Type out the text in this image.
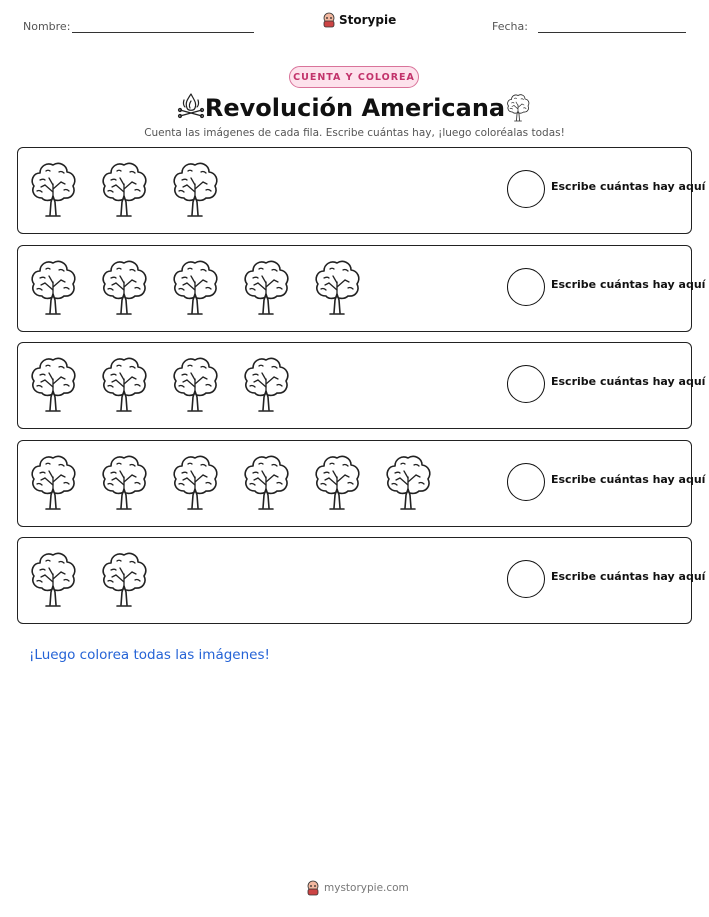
Nombre:	Storypie	Fecha:
CUENTA Y COLOREA
Revolución Americana
Cuenta las imágenes de cada fila. Escribe cuántas hay, ¡luego coloréalas todas!
Escribe cuántas hay aquí
Escribe cuántas hay aquí
Escribe cuántas hay aquí
Escribe cuántas hay aquí
Escribe cuántas hay aquí
¡Luego colorea todas las imágenes!
mystorypie.com
